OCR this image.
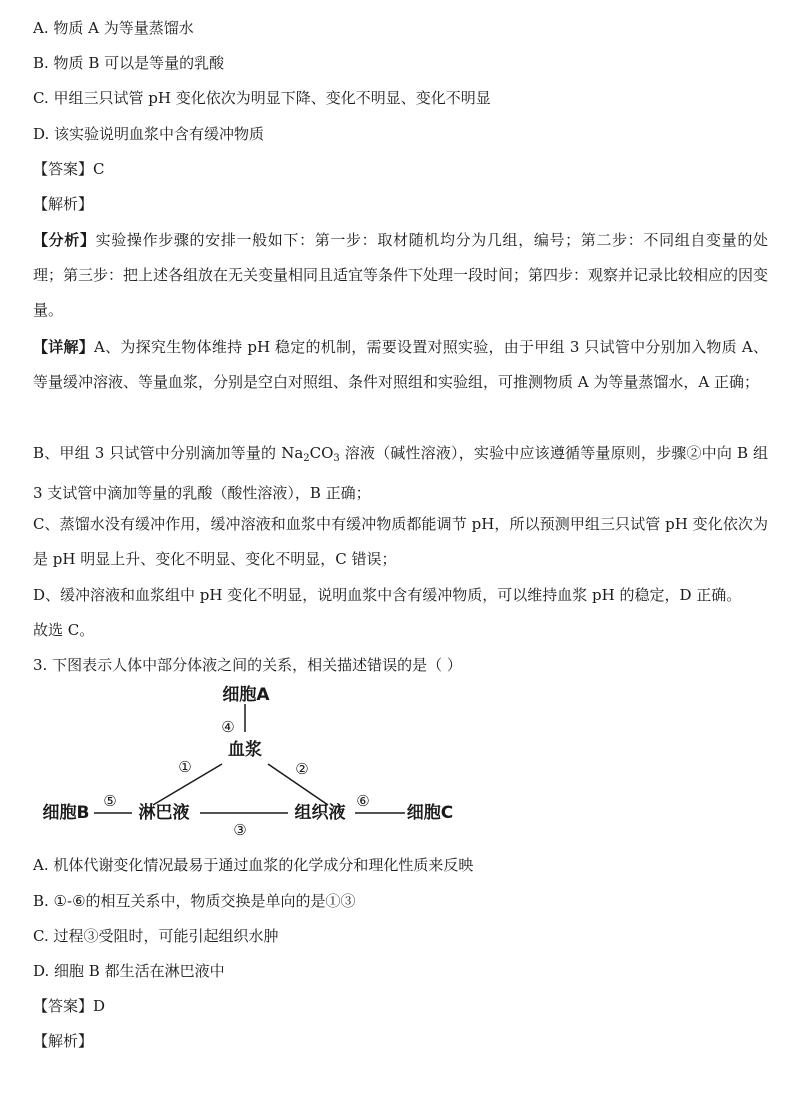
A. 物质 A 为等量蒸馏水
B. 物质 B 可以是等量的乳酸
C. 甲组三只试管 pH 变化依次为明显下降、变化不明显、变化不明显
D. 该实验说明血浆中含有缓冲物质
【答案】C
【解析】
【分析】实验操作步骤的安排一般如下：第一步：取材随机均分为几组，编号；第二步：不同组自变量的处理；第三步：把上述各组放在无关变量相同且适宜等条件下处理一段时间；第四步：观察并记录比较相应的因变量。
【详解】A、为探究生物体维持 pH 稳定的机制，需要设置对照实验，由于甲组 3 只试管中分别加入物质 A、等量缓冲溶液、等量血浆，分别是空白对照组、条件对照组和实验组，可推测物质 A 为等量蒸馏水，A 正确；
B、甲组 3 只试管中分别滴加等量的 $Na_2CO_3$ 溶液（碱性溶液），实验中应该遵循等量原则，步骤②中向 B 组 3 支试管中滴加等量的乳酸（酸性溶液），B 正确；
C、蒸馏水没有缓冲作用，缓冲溶液和血浆中有缓冲物质都能调节 pH，所以预测甲组三只试管 pH 变化依次为是 pH 明显上升、变化不明显、变化不明显，C 错误；
D、缓冲溶液和血浆组中 pH 变化不明显，说明血浆中含有缓冲物质，可以维持血浆 pH 的稳定，D 正确。
故选 C。
3. 下图表示人体中部分体液之间的关系，相关描述错误的是（ ）
细胞A
血浆
淋巴液	组织液
细胞B	细胞C
④
①	②
③
⑤	⑥
A. 机体代谢变化情况最易于通过血浆的化学成分和理化性质来反映
B. ①-⑥的相互关系中，物质交换是单向的是①③
C. 过程③受阻时，可能引起组织水肿
D. 细胞 B 都生活在淋巴液中
【答案】D
【解析】
